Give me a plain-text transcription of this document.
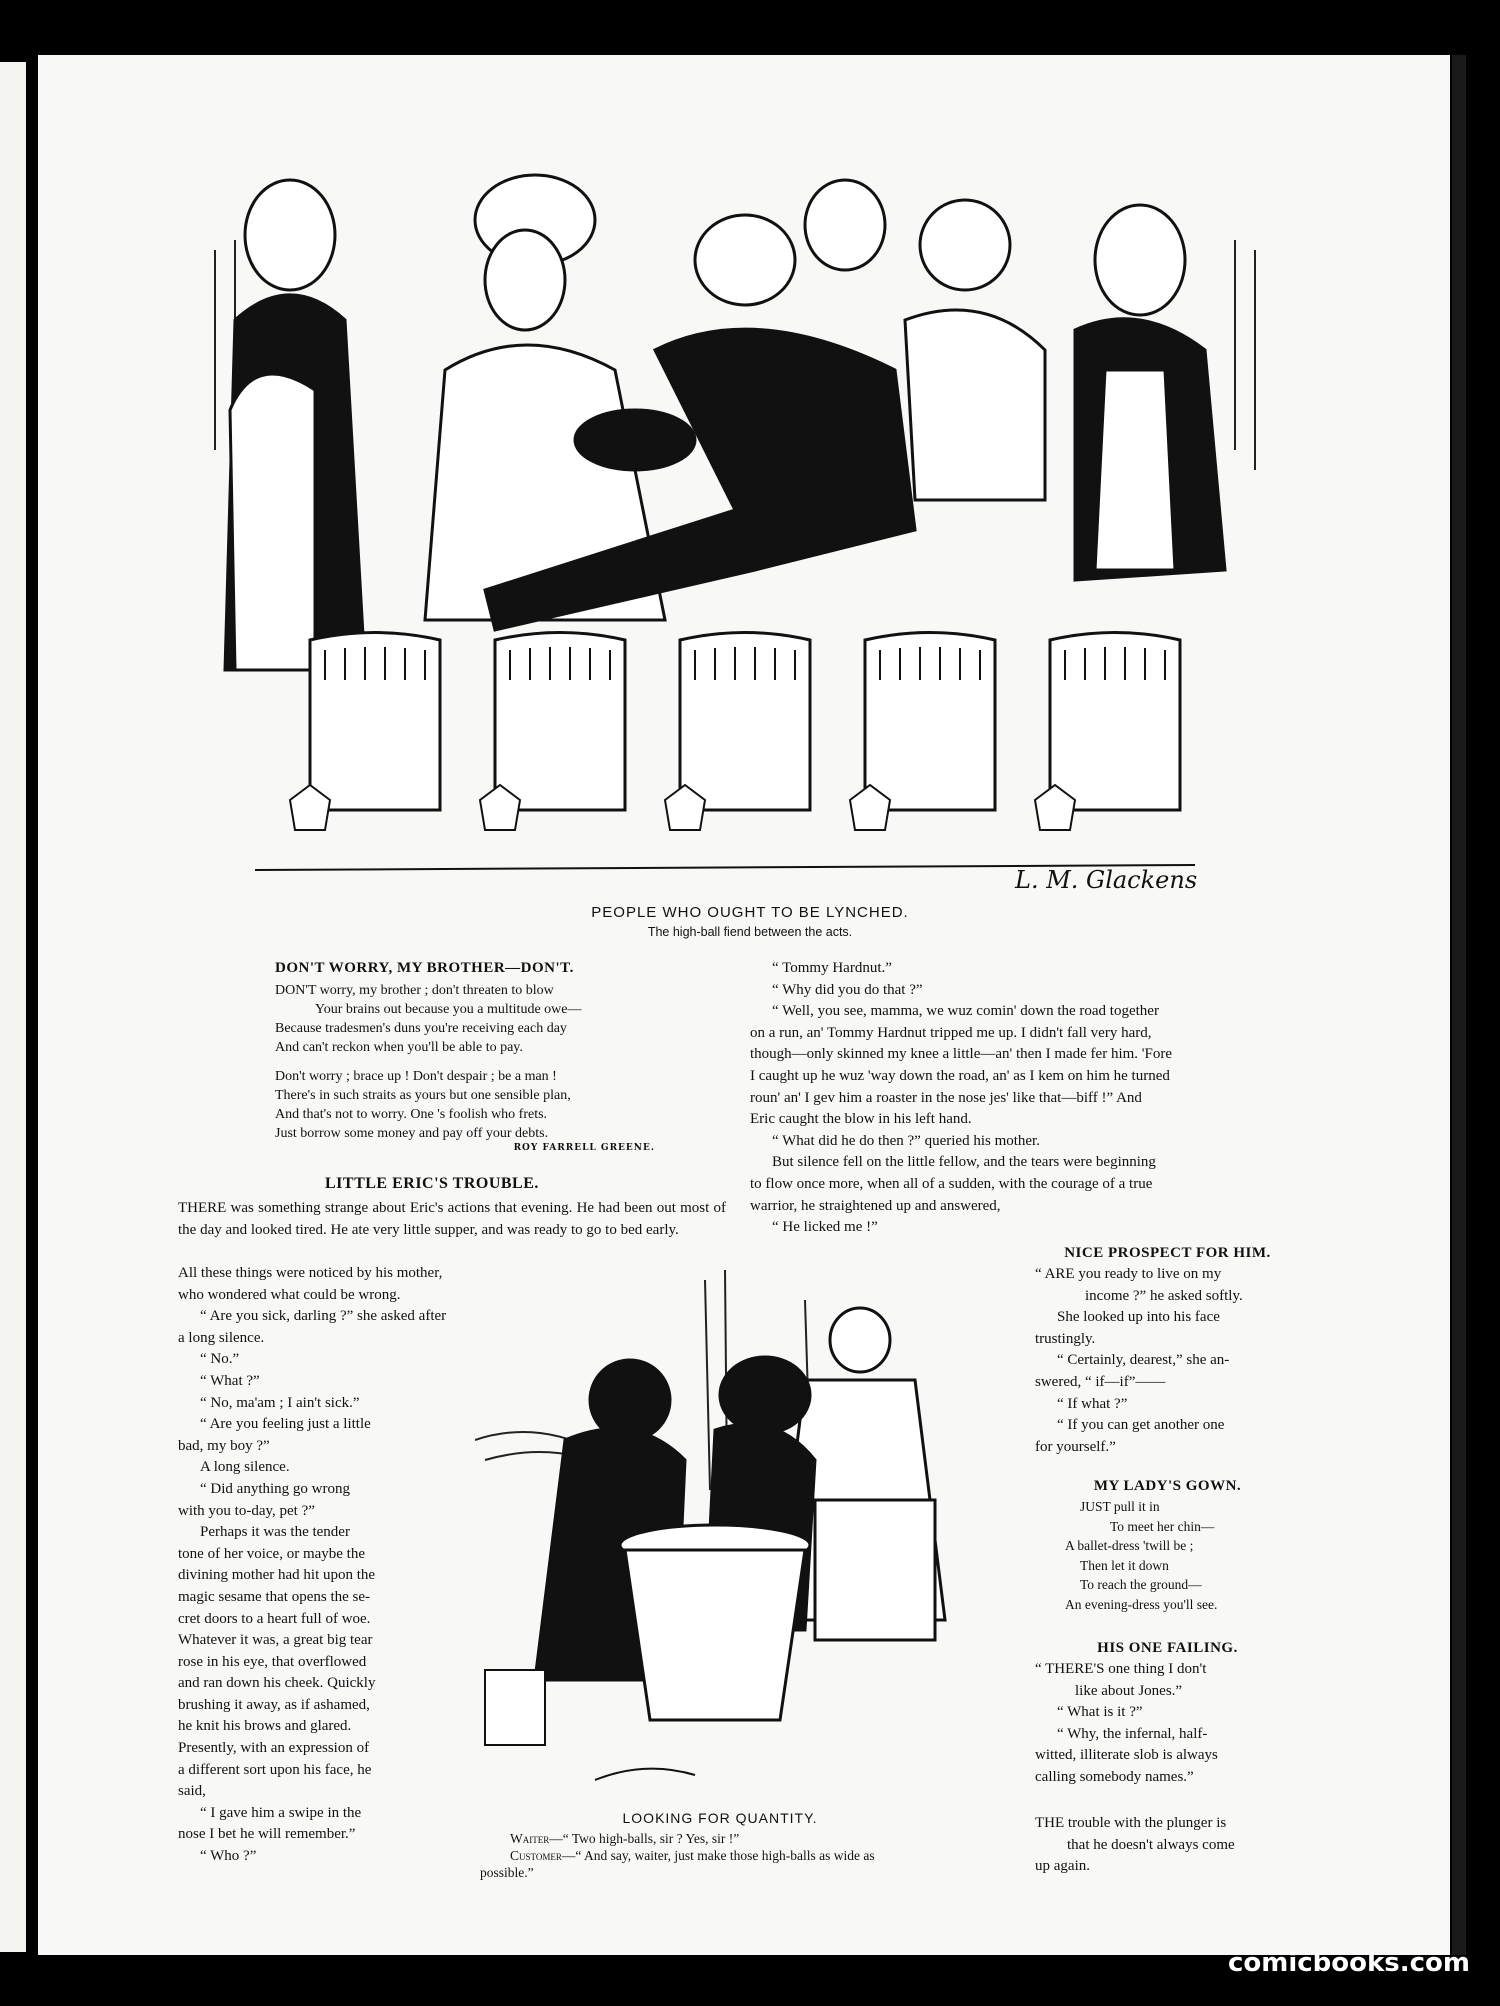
L. M. Glackens
PEOPLE WHO OUGHT TO BE LYNCHED.
The high-ball fiend between the acts.
DON'T WORRY, MY BROTHER—DON'T.
DON'T worry, my brother ; don't threaten to blow
Your brains out because you a multitude owe—
Because tradesmen's duns you're receiving each day
And can't reckon when you'll be able to pay.
Don't worry ; brace up ! Don't despair ; be a man !
There's in such straits as yours but one sensible plan,
And that's not to worry. One 's foolish who frets.
Just borrow some money and pay off your debts.
ROY FARRELL GREENE.
LITTLE ERIC'S TROUBLE.
THERE was something strange about Eric's actions that evening. He had been out most of the day and looked tired. He ate very little supper, and was ready to go to bed early.

All these things were noticed by his mother,

who wondered what could be wrong.

“ Are you sick, darling ?” she asked after

a long silence.

“ No.”

“ What ?”

“ No, ma'am ; I ain't sick.”

“ Are you feeling just a little

bad, my boy ?”

A long silence.

“ Did anything go wrong

with you to-day, pet ?”

Perhaps it was the tender

tone of her voice, or maybe the

divining mother had hit upon the

magic sesame that opens the se-

cret doors to a heart full of woe.

Whatever it was, a great big tear

rose in his eye, that overflowed

and ran down his cheek. Quickly

brushing it away, as if ashamed,

he knit his brows and glared.

Presently, with an expression of

a different sort upon his face, he

said,

“ I gave him a swipe in the

nose I bet he will remember.”

“ Who ?”

“ Tommy Hardnut.”

“ Why did you do that ?”

“ Well, you see, mamma, we wuz comin' down the road together

on a run, an' Tommy Hardnut tripped me up. I didn't fall very hard,

though—only skinned my knee a little—an' then I made fer him. 'Fore

I caught up he wuz 'way down the road, an' as I kem on him he turned

roun' an' I gev him a roaster in the nose jes' like that—biff !” And

Eric caught the blow in his left hand.

“ What did he do then ?” queried his mother.

But silence fell on the little fellow, and the tears were beginning

to flow once more, when all of a sudden, with the courage of a true

warrior, he straightened up and answered,

“ He licked me !”

LOOKING FOR QUANTITY.
Waiter—“ Two high-balls, sir ? Yes, sir !”
Customer—“ And say, waiter, just make those high-balls as wide as
possible.”
NICE PROSPECT FOR HIM.

“ ARE you ready to live on my

income ?” he asked softly.

She looked up into his face

trustingly.

“ Certainly, dearest,” she an-

swered, “ if—if”——

“ If what ?”

“ If you can get another one

for yourself.”

MY LADY'S GOWN.
JUST pull it in
To meet her chin—
A ballet-dress 'twill be ;
Then let it down
To reach the ground—
An evening-dress you'll see.
HIS ONE FAILING.

“ THERE'S one thing I don't

like about Jones.”

“ What is it ?”

“ Why, the infernal, half-

witted, illiterate slob is always

calling somebody names.”

THE trouble with the plunger is

that he doesn't always come

up again.

comicbooks.com
